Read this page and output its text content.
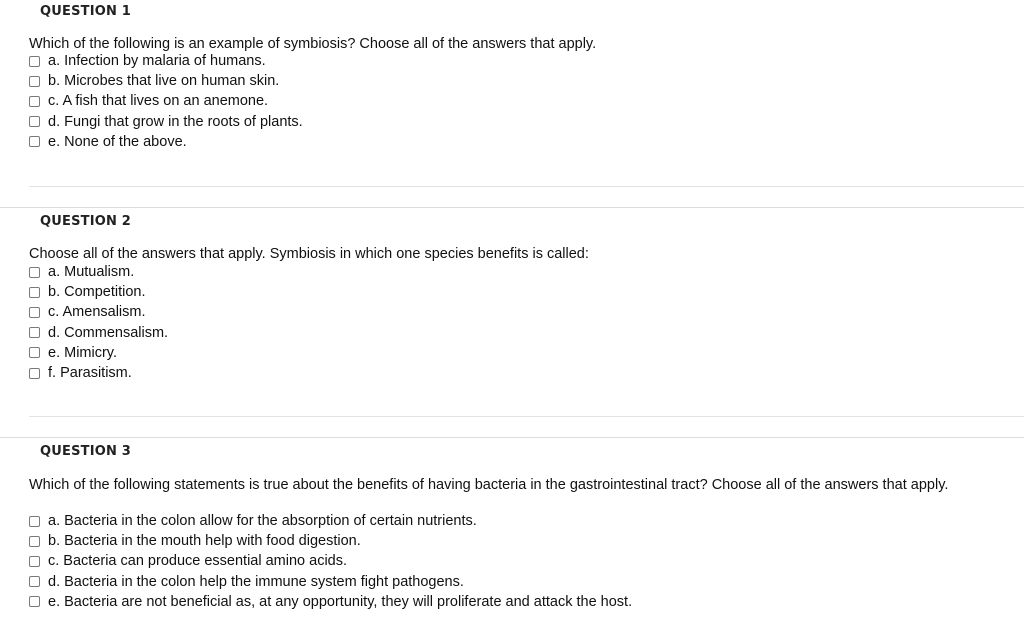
QUESTION 1
Which of the following is an example of symbiosis? Choose all of the answers that apply.
a. Infection by malaria of humans.
b. Microbes that live on human skin.
c. A fish that lives on an anemone.
d. Fungi that grow in the roots of plants.
e. None of the above.
QUESTION 2
Choose all of the answers that apply. Symbiosis in which one species benefits is called:
a. Mutualism.
b. Competition.
c. Amensalism.
d. Commensalism.
e. Mimicry.
f. Parasitism.
QUESTION 3
Which of the following statements is true about the benefits of having bacteria in the gastrointestinal tract? Choose all of the answers that apply.
a. Bacteria in the colon allow for the absorption of certain nutrients.
b. Bacteria in the mouth help with food digestion.
c. Bacteria can produce essential amino acids.
d. Bacteria in the colon help the immune system fight pathogens.
e. Bacteria are not beneficial as, at any opportunity, they will proliferate and attack the host.
